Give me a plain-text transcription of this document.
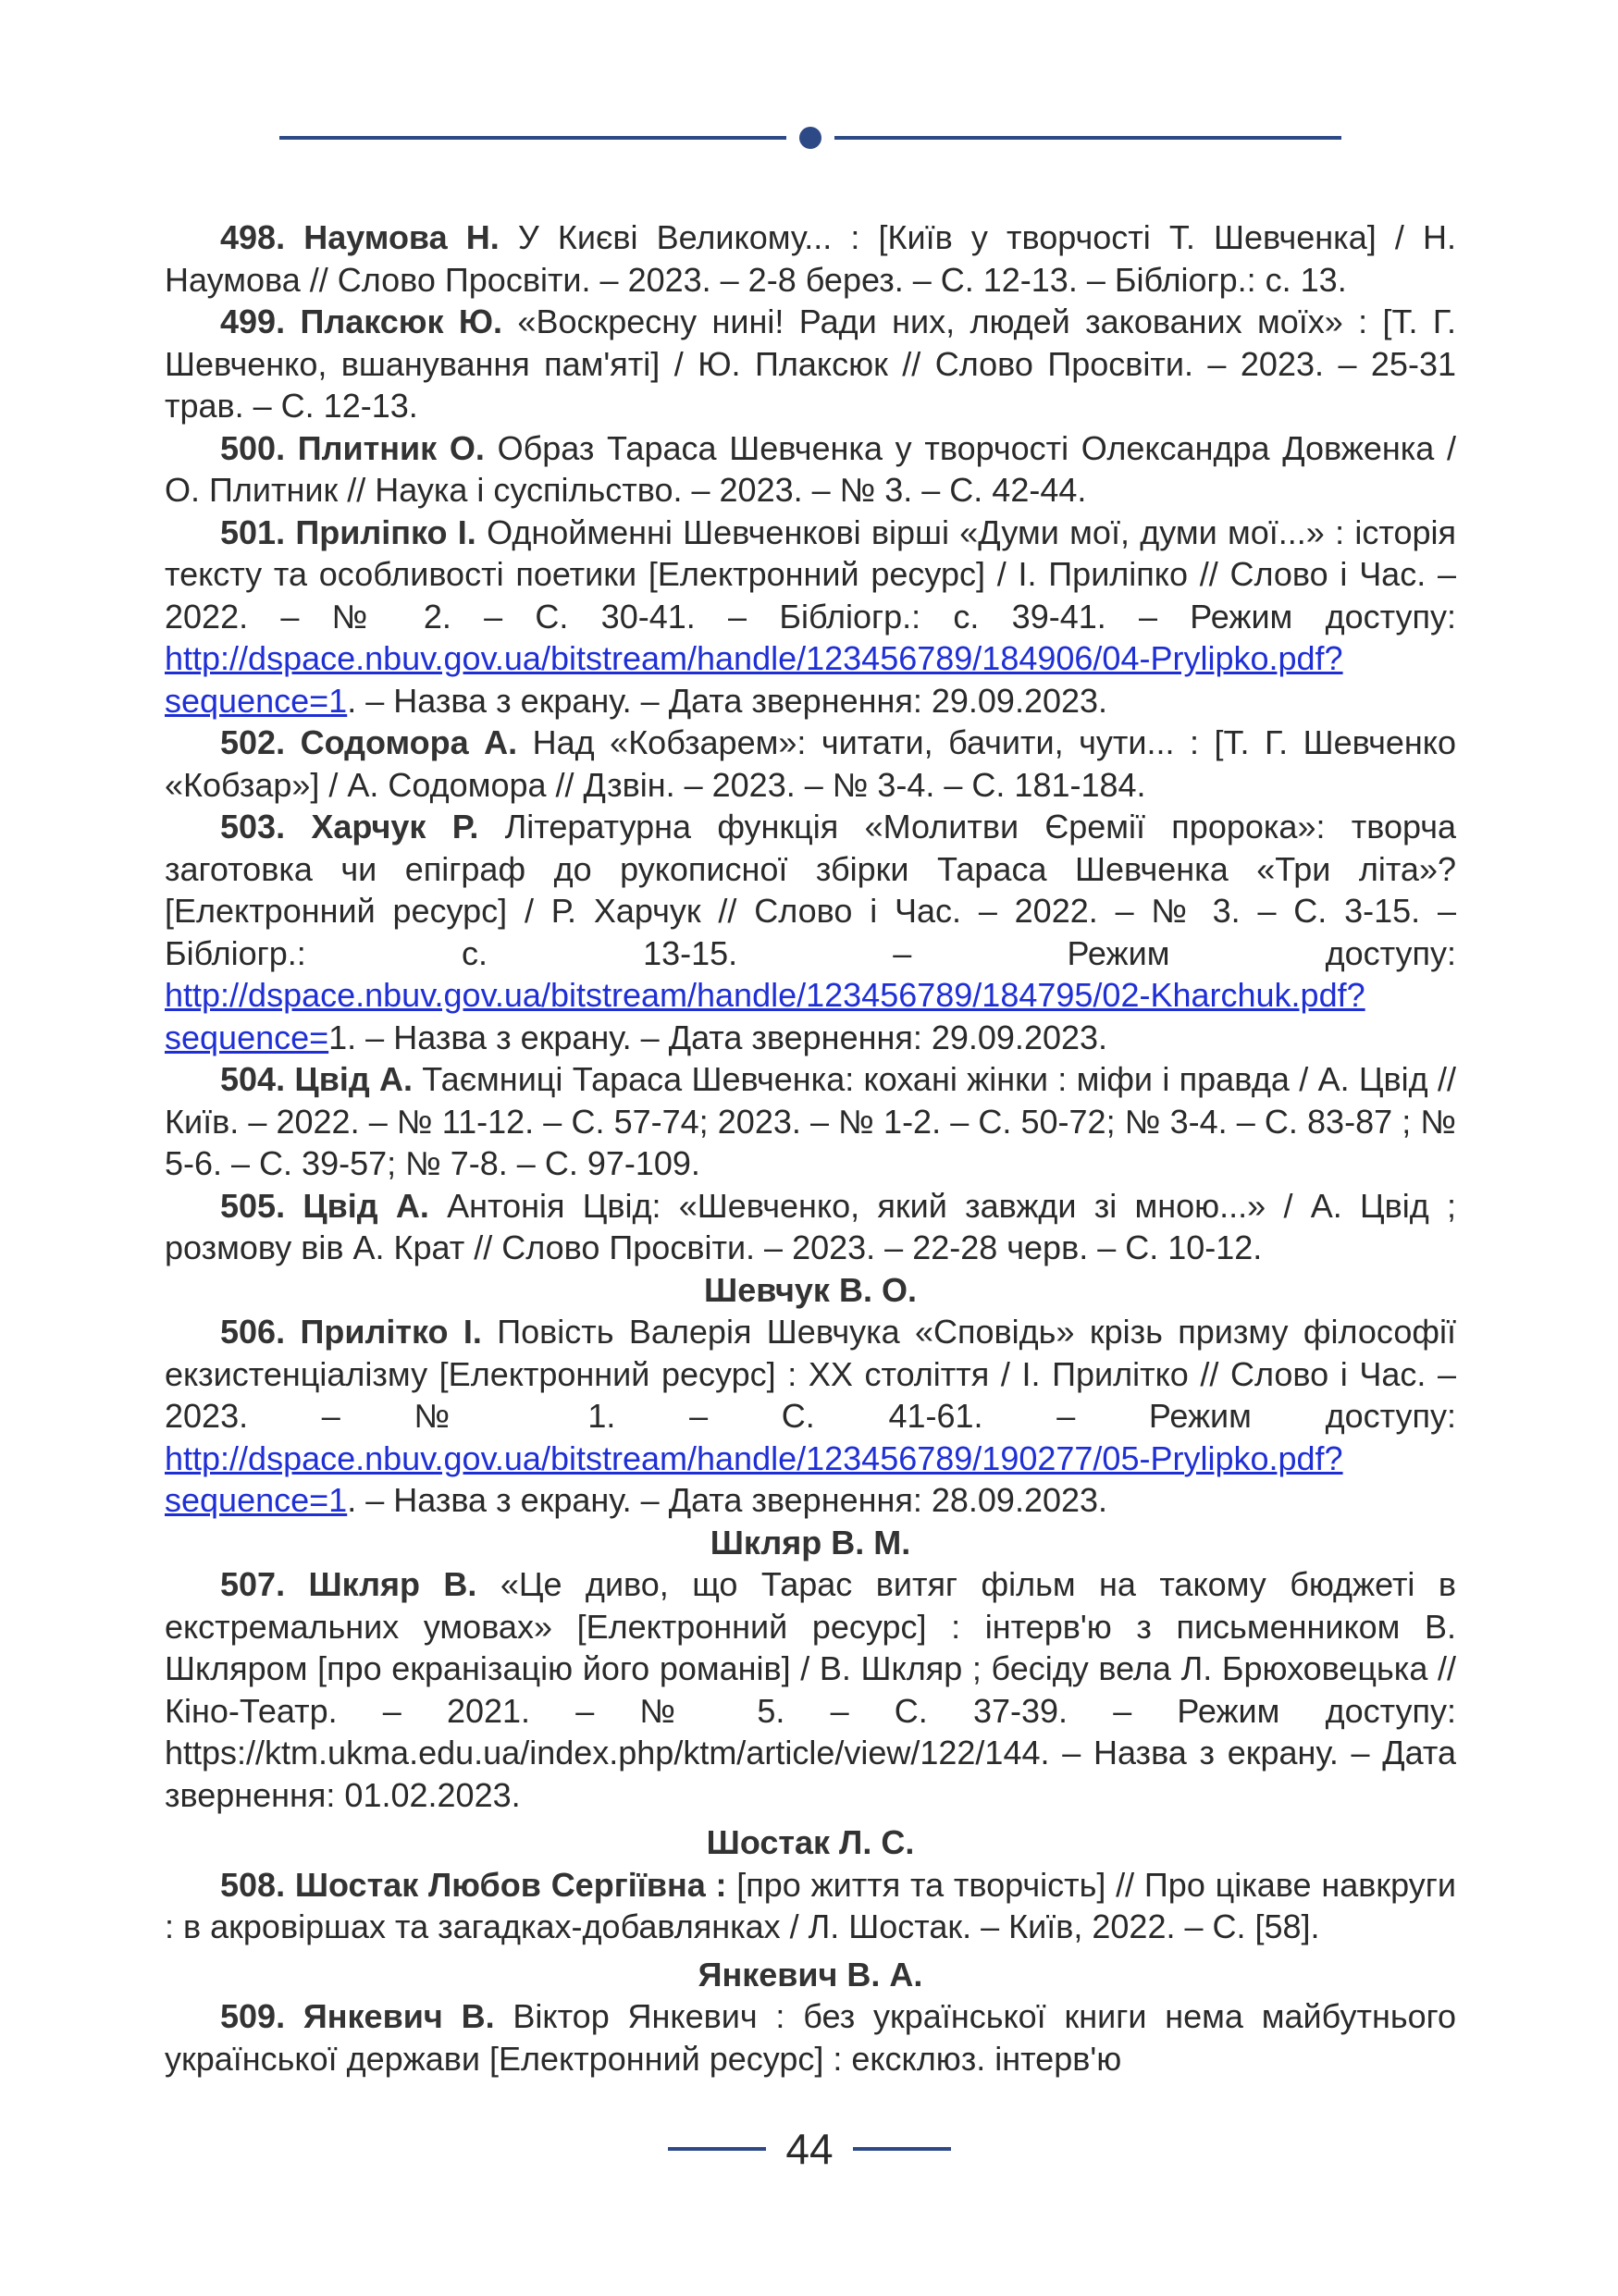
498. Наумова Н. У Києві Великому... : [Київ у творчості Т. Шевченка] / Н. Наумова // Слово Просвіти. – 2023. – 2-8 берез. – С. 12-13. – Бібліогр.: с. 13.

499. Плаксюк Ю. «Воскресну нині! Ради них, людей закованих моїх» : [Т. Г. Шевченко, вшанування пам'яті] / Ю. Плаксюк // Слово Просвіти. – 2023. – 25-31 трав. – С. 12-13.

500. Плитник О. Образ Тараса Шевченка у творчості Олександра Довженка / О. Плитник // Наука і суспільство. – 2023. – № 3. – С. 42-44.

501. Приліпко І. Однойменні Шевченкові вірші «Думи мої, думи мої...» : історія тексту та особливості поетики [Електронний ресурс] / І. Приліпко // Слово і Час. – 2022. – № 2. – С. 30-41. – Бібліогр.: с. 39-41. – Режим доступу: http://dspace.nbuv.gov.ua/bitstream/handle/123456789/184906/04-Prylipko.pdf?sequence=1. – Назва з екрану. – Дата звернення: 29.09.2023.

502. Содомора А. Над «Кобзарем»: читати, бачити, чути... : [Т. Г. Шевченко «Кобзар»] / А. Содомора // Дзвін. – 2023. – № 3-4. – С. 181-184.

503. Харчук Р. Літературна функція «Молитви Єремії пророка»: творча заготовка чи епіграф до рукописної збірки Тараса Шевченка «Три літа»? [Електронний ресурс] / Р. Харчук // Слово і Час. – 2022. – № 3. – С. 3-15. – Бібліогр.: с. 13-15. – Режим доступу: http://dspace.nbuv.gov.ua/bitstream/handle/123456789/184795/02-Kharchuk.pdf?sequence=1. – Назва з екрану. – Дата звернення: 29.09.2023.

504. Цвід А. Таємниці Тараса Шевченка: кохані жінки : міфи і правда / А. Цвід // Київ. – 2022. – № 11-12. – С. 57-74; 2023. – № 1-2. – С. 50-72; № 3-4. – С. 83-87 ; № 5-6. – С. 39-57; № 7-8. – С. 97-109.

505. Цвід А. Антонія Цвід: «Шевченко, який завжди зі мною...» / А. Цвід ; розмову вів А. Крат // Слово Просвіти. – 2023. – 22-28 черв. – С. 10-12.

Шевчук В. О.

506. Прилітко І. Повість Валерія Шевчука «Сповідь» крізь призму філософії екзистенціалізму [Електронний ресурс] : XX століття / І. Прилітко // Слово і Час. – 2023. – № 1. – С. 41-61. – Режим доступу: http://dspace.nbuv.gov.ua/bitstream/handle/123456789/190277/05-Prylipko.pdf?sequence=1. – Назва з екрану. – Дата звернення: 28.09.2023.

Шкляр В. М.

507. Шкляр В. «Це диво, що Тарас витяг фільм на такому бюджеті в екстремальних умовах» [Електронний ресурс] : інтерв'ю з письменником В. Шкляром [про екранізацію його романів] / В. Шкляр ; бесіду вела Л. Брюховецька // Кіно-Театр. – 2021. – № 5. – С. 37-39. – Режим доступу: https://ktm.ukma.edu.ua/index.php/ktm/article/view/122/144. – Назва з екрану. – Дата звернення: 01.02.2023.

Шостак Л. С.

508. Шостак Любов Сергіївна : [про життя та творчість] // Про цікаве навкруги : в акровіршах та загадках-добавлянках / Л. Шостак. – Київ, 2022. – С. [58].

Янкевич В. А.

509. Янкевич В. Віктор Янкевич : без української книги нема майбутнього української держави [Електронний ресурс] : ексклюз. інтерв'ю

44
